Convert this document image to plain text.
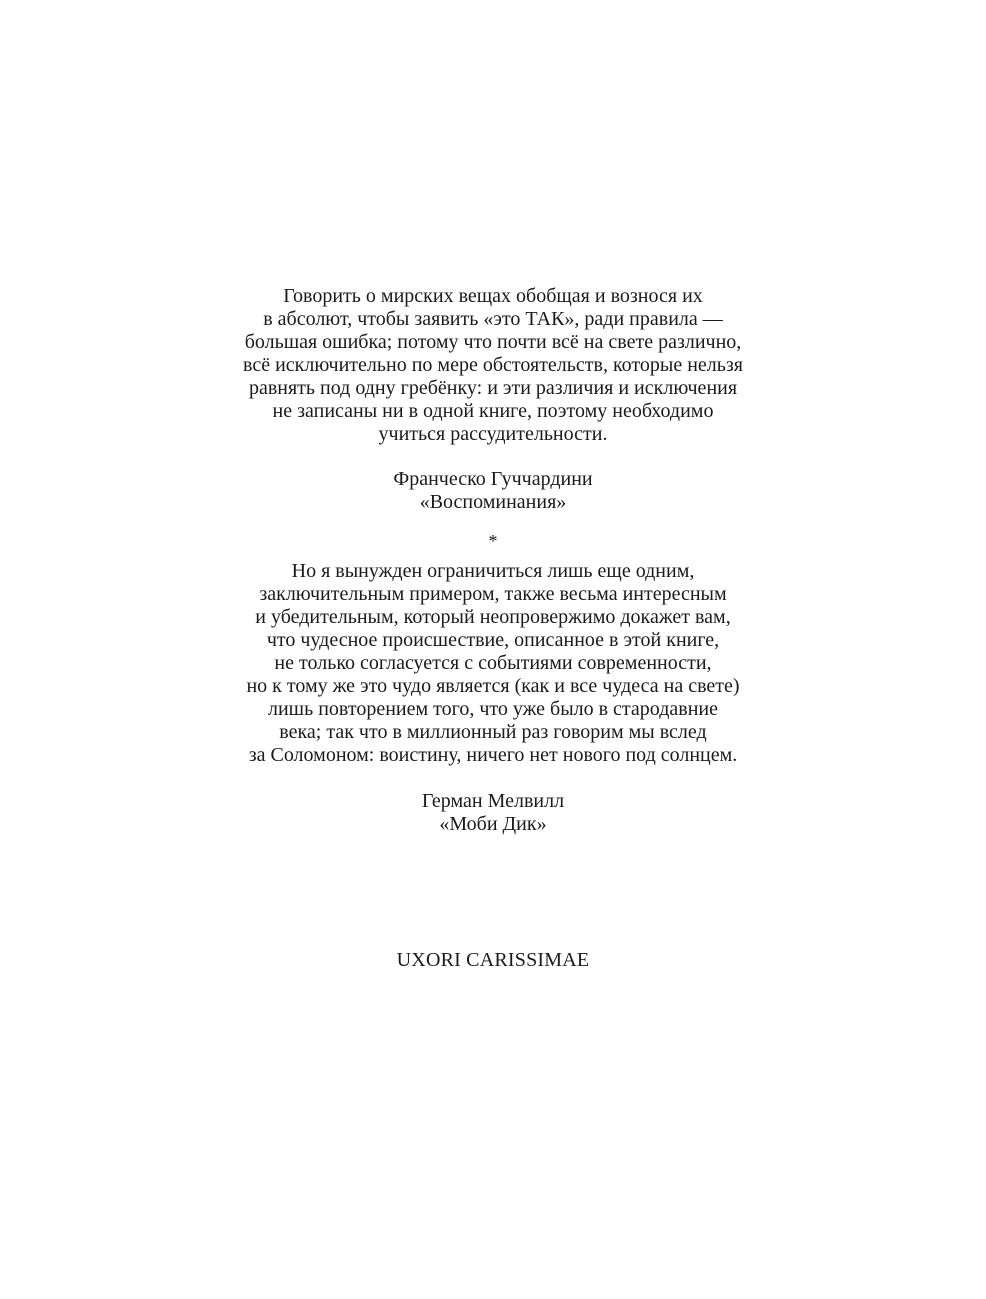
Говорить о мирских вещах обобщая и вознося их
в абсолют, чтобы заявить «это ТАК», ради правила —
большая ошибка; потому что почти всё на свете различно,
всё исключительно по мере обстоятельств, которые нельзя
равнять под одну гребёнку: и эти различия и исключения
не записаны ни в одной книге, поэтому необходимо
учиться рассудительности.
Франческо Гуччардини
«Воспоминания»
*
Но я вынужден ограничиться лишь еще одним,
заключительным примером, также весьма интересным
и убедительным, который неопровержимо докажет вам,
что чудесное происшествие, описанное в этой книге,
не только согласуется с событиями современности,
но к тому же это чудо является (как и все чудеса на свете)
лишь повторением того, что уже было в стародавние
века; так что в миллионный раз говорим мы вслед
за Соломоном: воистину, ничего нет нового под солнцем.
Герман Мелвилл
«Моби Дик»
UXORI CARISSIMAE
